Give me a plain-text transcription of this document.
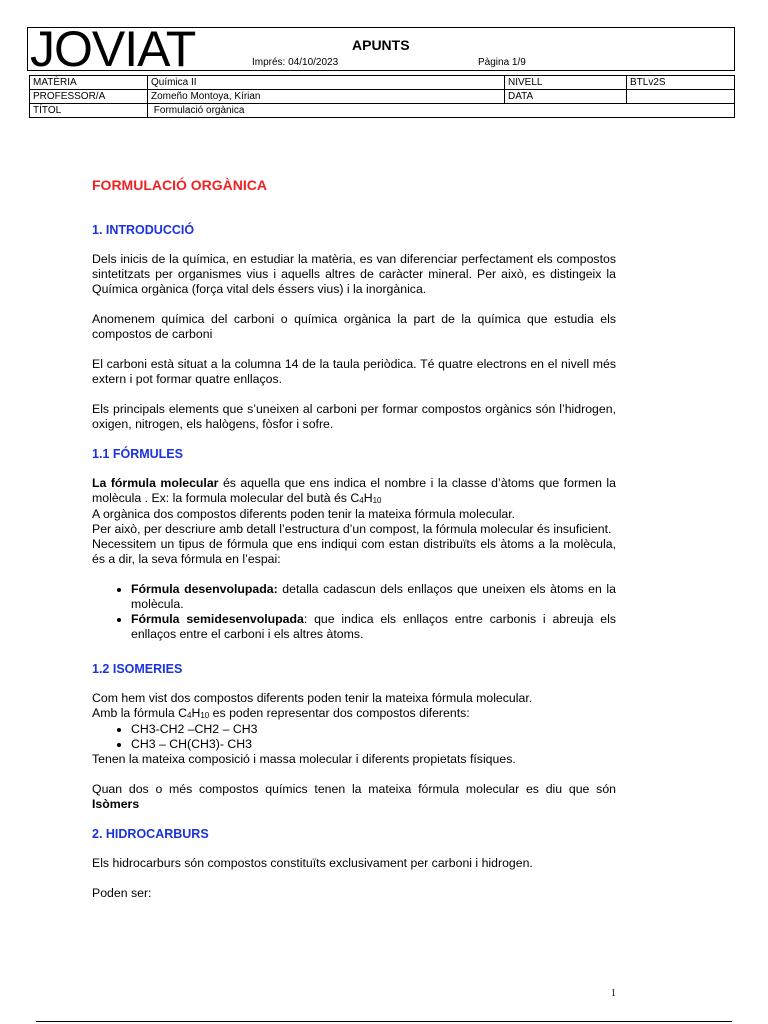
JOVIAT	APUNTS
Imprés: 04/10/2023	Pàgina 1/9
MATÈRIA	Química II	NIVELL	BTLv2S
PROFESSOR/A	Zomeño Montoya, Kírian	DATA	
TÍTOL	Formulació orgànica		
FORMULACIÓ ORGÀNICA
1. INTRODUCCIÓ

Dels inicis de la química, en estudiar la matèria, es van diferenciar perfectament els compostos sintetitzats per organismes vius i aquells altres de caràcter mineral. Per això, es distingeix la Química orgànica (força vital dels éssers vius) i la inorgànica.

Anomenem química del carboni o química orgànica la part de la química que estudia els compostos de carboni

El carboni està situat a la columna 14 de la taula periòdica. Té quatre electrons en el nivell més extern i pot formar quatre enllaços.

Els principals elements que s’uneixen al carboni per formar compostos orgànics són l’hidrogen, oxigen, nitrogen, els halògens, fòsfor i sofre.

1.1 FÓRMULES

La fórmula molecular és aquella que ens indica el nombre i la classe d’àtoms que formen la molècula . Ex: la formula molecular del butà és $C_4H_{10}$

A orgànica dos compostos diferents poden tenir la mateixa fórmula molecular.

Per això, per descriure amb detall l’estructura d’un compost, la fórmula molecular és insuficient.

Necessitem un tipus de fórmula que ens indiqui com estan distribuïts els àtoms a la molècula, és a dir, la seva fórmula en l’espai:

• Fórmula desenvolupada: detalla cadascun dels enllaços que uneixen els àtoms en la molècula.
• Fórmula semidesenvolupada: que indica els enllaços entre carbonis i abreuja els enllaços entre el carboni i els altres àtoms.
1.2 ISOMERIES

Com hem vist dos compostos diferents poden tenir la mateixa fórmula molecular.

Amb la fórmula $C_4H_{10}$ es poden representar dos compostos diferents:

• CH3-CH2 –CH2 – CH3
• CH3 – CH(CH3)- CH3

Tenen la mateixa composició i massa molecular i diferents propietats físiques.

Quan dos o més compostos químics tenen la mateixa fórmula molecular es diu que són Isòmers

2. HIDROCARBURS

Els hidrocarburs són compostos constituïts exclusivament per carboni i hidrogen.

Poden ser:

1
